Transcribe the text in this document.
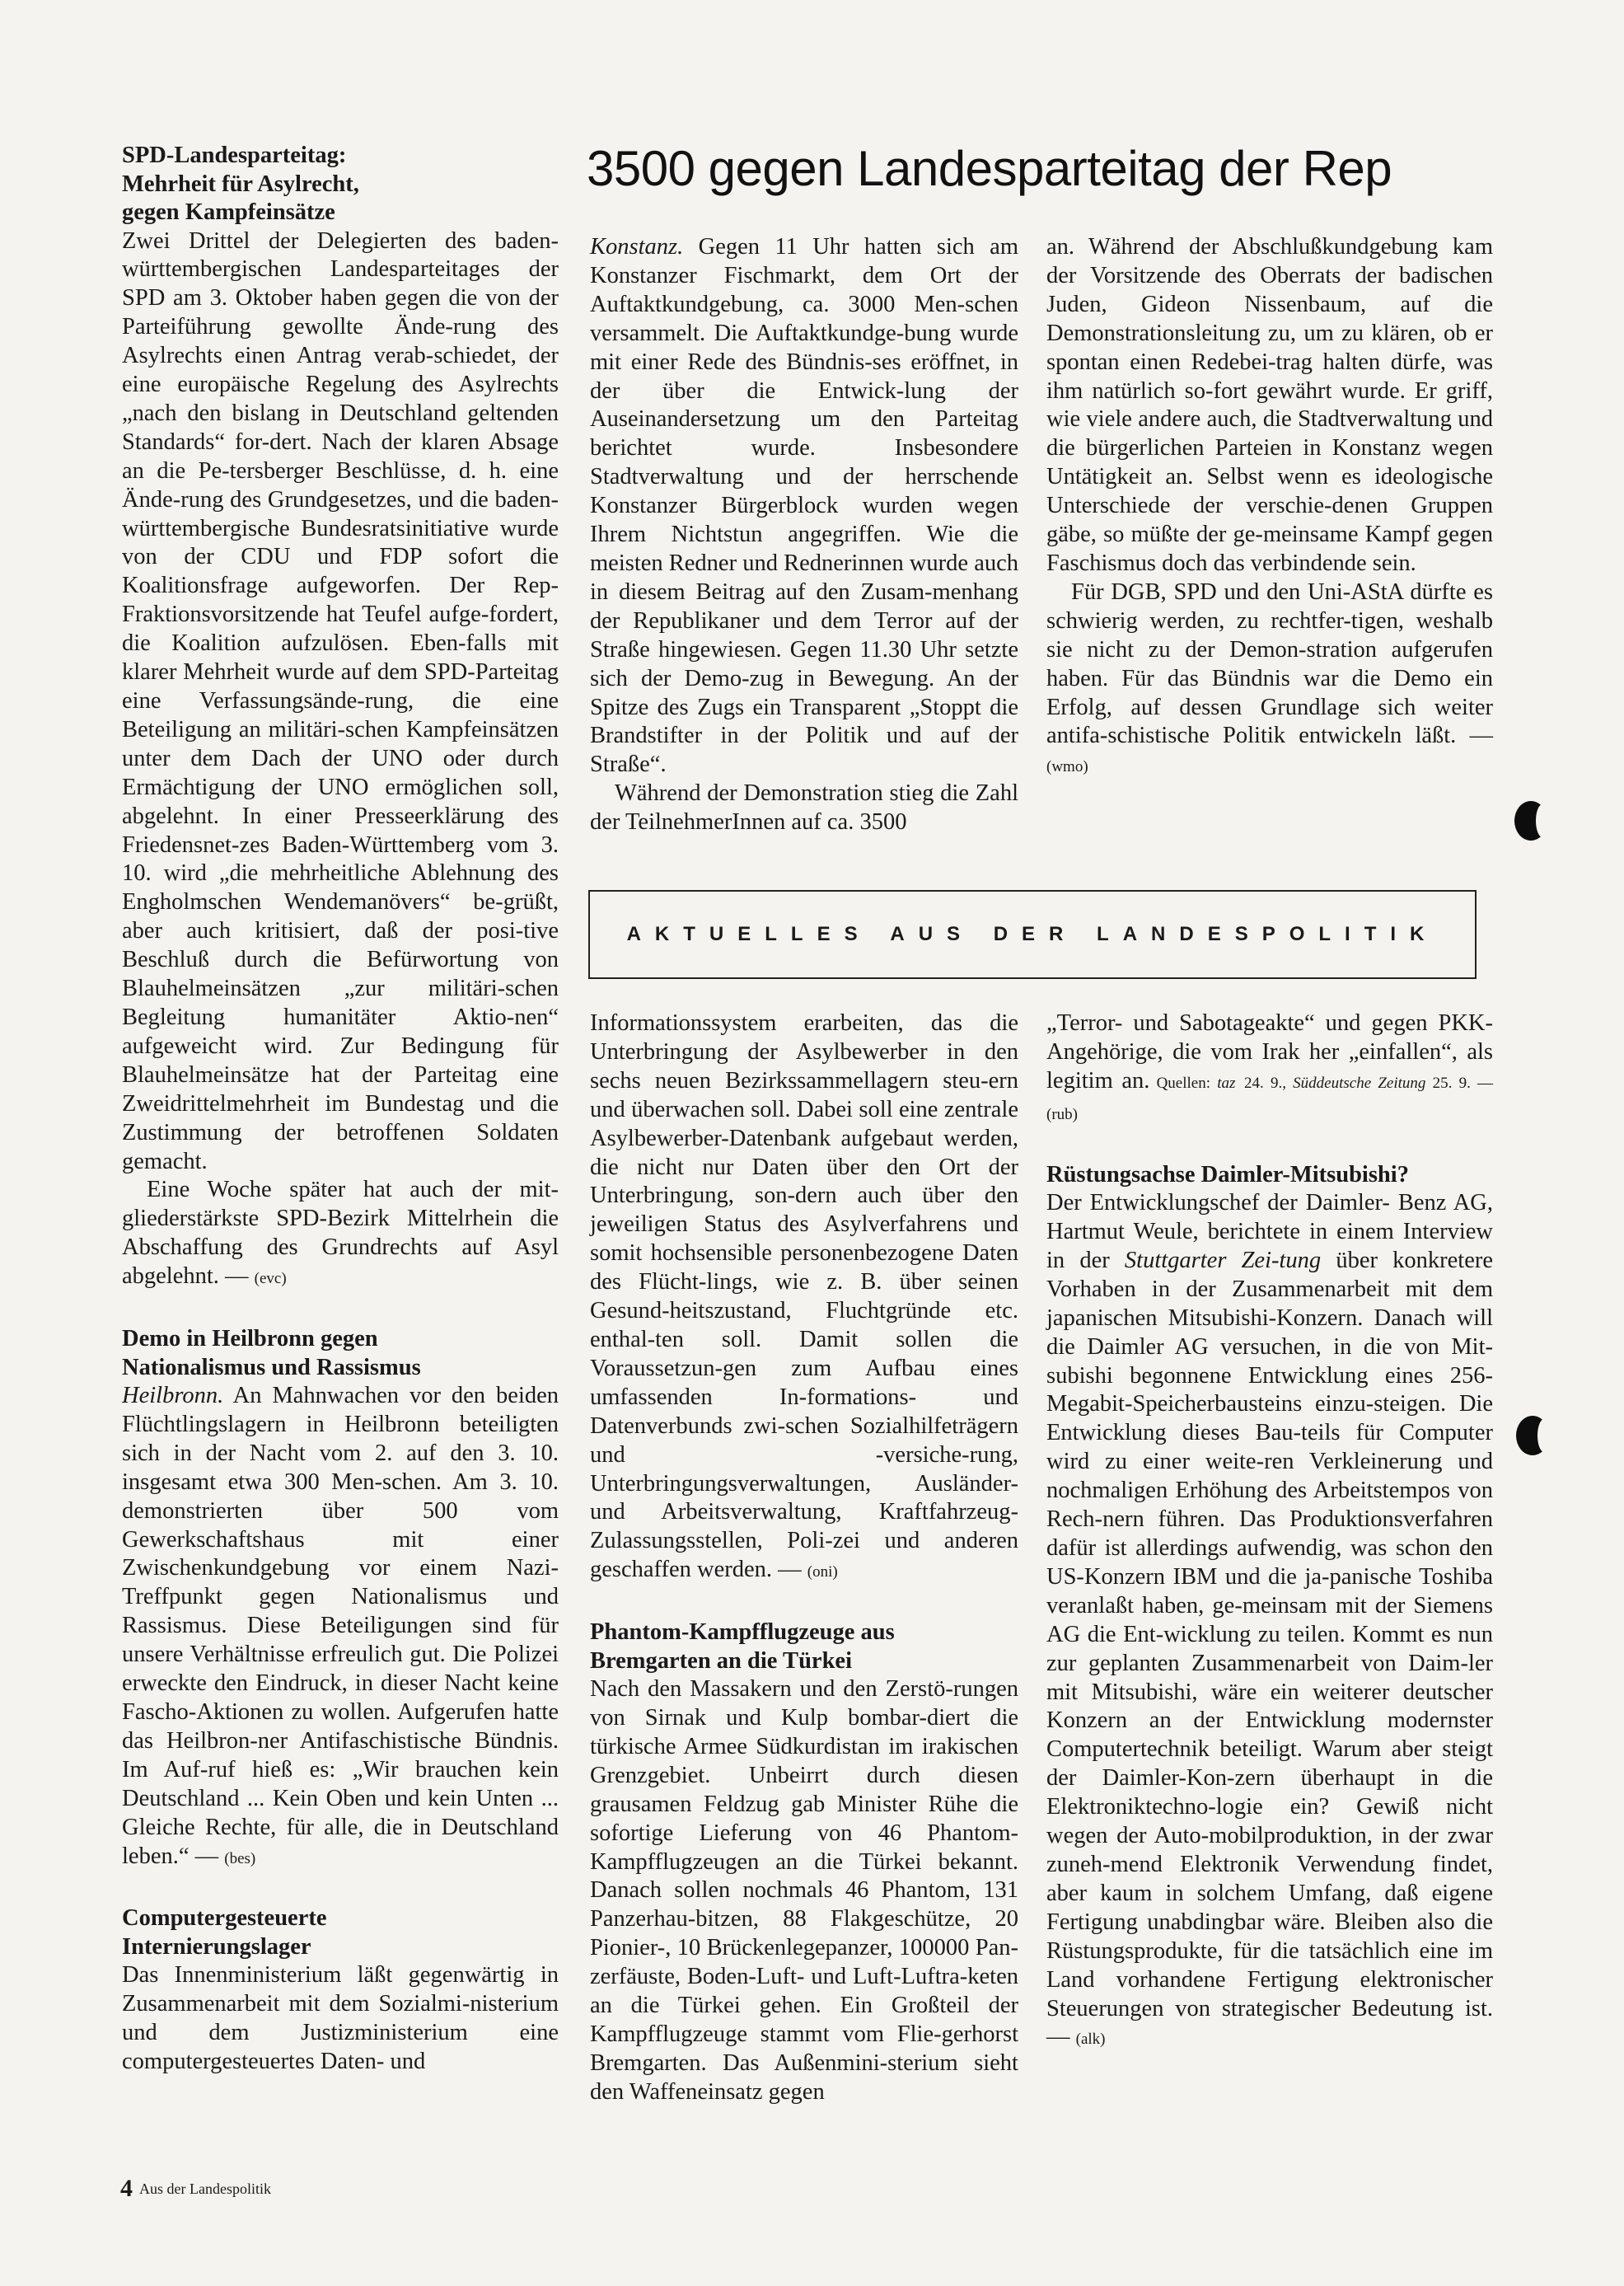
3500 gegen Landesparteitag der Rep
SPD-Landesparteitag:
Mehrheit für Asylrecht,
gegen Kampfeinsätze

Zwei Drittel der Delegierten des baden-württembergischen Landesparteitages der SPD am 3. Oktober haben gegen die von der Parteiführung gewollte Ände-rung des Asylrechts einen Antrag verab-schiedet, der eine europäische Regelung des Asylrechts „nach den bislang in Deutschland geltenden Standards“ for-dert. Nach der klaren Absage an die Pe-tersberger Beschlüsse, d. h. eine Ände-rung des Grundgesetzes, und die baden-württembergische Bundesratsinitiative wurde von der CDU und FDP sofort die Koalitionsfrage aufgeworfen. Der Rep-Fraktionsvorsitzende hat Teufel aufge-fordert, die Koalition aufzulösen. Eben-falls mit klarer Mehrheit wurde auf dem SPD-Parteitag eine Verfassungsände-rung, die eine Beteiligung an militäri-schen Kampfeinsätzen unter dem Dach der UNO oder durch Ermächtigung der UNO ermöglichen soll, abgelehnt. In einer Presseerklärung des Friedensnet-zes Baden-Württemberg vom 3. 10. wird „die mehrheitliche Ablehnung des Engholmschen Wendemanövers“ be-grüßt, aber auch kritisiert, daß der posi-tive Beschluß durch die Befürwortung von Blauhelmeinsätzen „zur militäri-schen Begleitung humanitäter Aktio-nen“ aufgeweicht wird. Zur Bedingung für Blauhelmeinsätze hat der Parteitag eine Zweidrittelmehrheit im Bundestag und die Zustimmung der betroffenen Soldaten gemacht.

Eine Woche später hat auch der mit-gliederstärkste SPD-Bezirk Mittelrhein die Abschaffung des Grundrechts auf Asyl abgelehnt. — (evc)

Demo in Heilbronn gegen
Nationalismus und Rassismus

Heilbronn. An Mahnwachen vor den beiden Flüchtlingslagern in Heilbronn beteiligten sich in der Nacht vom 2. auf den 3. 10. insgesamt etwa 300 Men-schen. Am 3. 10. demonstrierten über	500 vom Gewerkschaftshaus mit einer Zwischenkundgebung vor einem Nazi-Treffpunkt gegen Nationalismus und Rassismus. Diese Beteiligungen sind für unsere Verhältnisse erfreulich gut. Die Polizei erweckte den Eindruck, in dieser Nacht keine Fascho-Aktionen zu wollen. Aufgerufen hatte das Heilbron-ner Antifaschistische Bündnis. Im Auf-ruf hieß es: „Wir brauchen kein Deutschland ... Kein Oben und kein Unten ... Gleiche Rechte, für alle, die in Deutschland leben.“ — (bes)

Computergesteuerte
Internierungslager

Das Innenministerium läßt gegenwärtig in Zusammenarbeit mit dem Sozialmi-nisterium und dem Justizministerium eine computergesteuertes Daten- und

Konstanz. Gegen 11 Uhr hatten sich am Konstanzer Fischmarkt, dem Ort der Auftaktkundgebung, ca. 3000 Men-schen versammelt. Die Auftaktkundge-bung wurde mit einer Rede des Bündnis-ses eröffnet, in der über die Entwick-lung der Auseinandersetzung um den Parteitag berichtet wurde. Insbesondere Stadtverwaltung und der herrschende Konstanzer Bürgerblock wurden wegen Ihrem Nichtstun angegriffen. Wie die meisten Redner und Rednerinnen wurde auch in diesem Beitrag auf den Zusam-menhang der Republikaner und dem Terror auf der Straße hingewiesen. Gegen 11.30 Uhr setzte sich der Demo-zug in Bewegung. An der Spitze des Zugs ein Transparent „Stoppt die Brandstifter in der Politik und auf der Straße“.

Während der Demonstration stieg die Zahl der TeilnehmerInnen auf ca. 3500

an. Während der Abschlußkundgebung kam der Vorsitzende des Oberrats der badischen Juden, Gideon Nissenbaum, auf die Demonstrationsleitung zu, um zu klären, ob er spontan einen Redebei-trag halten dürfe, was ihm natürlich so-fort gewährt wurde. Er griff, wie viele andere auch, die Stadtverwaltung und die bürgerlichen Parteien in Konstanz wegen Untätigkeit an. Selbst wenn es ideologische Unterschiede der verschie-denen Gruppen gäbe, so müßte der ge-meinsame Kampf gegen Faschismus doch das verbindende sein.

Für DGB, SPD und den Uni-AStA dürfte es schwierig werden, zu rechtfer-tigen, weshalb sie nicht zu der Demon-stration aufgerufen haben. Für das Bündnis war die Demo ein Erfolg, auf dessen Grundlage sich weiter antifa-schistische Politik entwickeln läßt. — (wmo)

AKTUELLES AUS DER LANDESPOLITIK

Informationssystem erarbeiten, das die Unterbringung der Asylbewerber in den sechs neuen Bezirkssammellagern steu-ern und überwachen soll. Dabei soll eine zentrale Asylbewerber-Datenbank aufgebaut werden, die nicht nur Daten über den Ort der Unterbringung, son-dern auch über den jeweiligen Status des Asylverfahrens und somit hochsensible personenbezogene Daten des Flücht-lings, wie z. B. über seinen Gesund-heitszustand, Fluchtgründe etc. enthal-ten soll. Damit sollen die Voraussetzun-gen zum Aufbau eines umfassenden In-formations- und Datenverbunds zwi-schen Sozialhilfeträgern und -versiche-rung, Unterbringungsverwaltungen, Ausländer- und Arbeitsverwaltung, Kraftfahrzeug-Zulassungsstellen, Poli-zei und anderen geschaffen werden. — (oni)

Phantom-Kampfflugzeuge aus
Bremgarten an die Türkei

Nach den Massakern und den Zerstö-rungen von Sirnak und Kulp bombar-diert die türkische Armee Südkurdistan im irakischen Grenzgebiet. Unbeirrt durch diesen grausamen Feldzug gab Minister Rühe die sofortige Lieferung von 46 Phantom-Kampfflugzeugen an die Türkei bekannt. Danach sollen nochmals 46 Phantom, 131 Panzerhau-bitzen, 88 Flakgeschütze, 20 Pionier-, 10 Brückenlegepanzer, 100000 Pan-zerfäuste, Boden-Luft- und Luft-Luftra-keten an die Türkei gehen. Ein Großteil der Kampfflugzeuge stammt vom Flie-gerhorst Bremgarten. Das Außenmini-sterium sieht den Waffeneinsatz gegen

„Terror- und Sabotageakte“ und gegen PKK-Angehörige, die vom Irak her „einfallen“, als legitim an. Quellen: taz 24. 9., Süddeutsche Zeitung 25. 9. — (rub)

Rüstungsachse Daimler-Mitsubishi?

Der Entwicklungschef der Daimler- Benz AG, Hartmut Weule, berichtete in einem Interview in der Stuttgarter Zei-tung über konkretere Vorhaben in der Zusammenarbeit mit dem japanischen Mitsubishi-Konzern. Danach will die Daimler AG versuchen, in die von Mit-subishi begonnene Entwicklung eines 256-Megabit-Speicherbausteins einzu-steigen. Die Entwicklung dieses Bau-teils für Computer wird zu einer weite-ren Verkleinerung und nochmaligen Erhöhung des Arbeitstempos von Rech-nern führen. Das Produktionsverfahren dafür ist allerdings aufwendig, was schon den US-Konzern IBM und die ja-panische Toshiba veranlaßt haben, ge-meinsam mit der Siemens AG die Ent-wicklung zu teilen. Kommt es nun zur geplanten Zusammenarbeit von Daim-ler mit Mitsubishi, wäre ein weiterer deutscher Konzern an der Entwicklung modernster Computertechnik beteiligt. Warum aber steigt der Daimler-Kon-zern überhaupt in die Elektroniktechno-logie ein? Gewiß nicht wegen der Auto-mobilproduktion, in der zwar zuneh-mend Elektronik Verwendung findet, aber kaum in solchem Umfang, daß eigene Fertigung unabdingbar wäre. Bleiben also die Rüstungsprodukte, für die tatsächlich eine im Land vorhandene Fertigung elektronischer Steuerungen von strategischer Bedeutung ist. — (alk)

4 Aus der Landespolitik
